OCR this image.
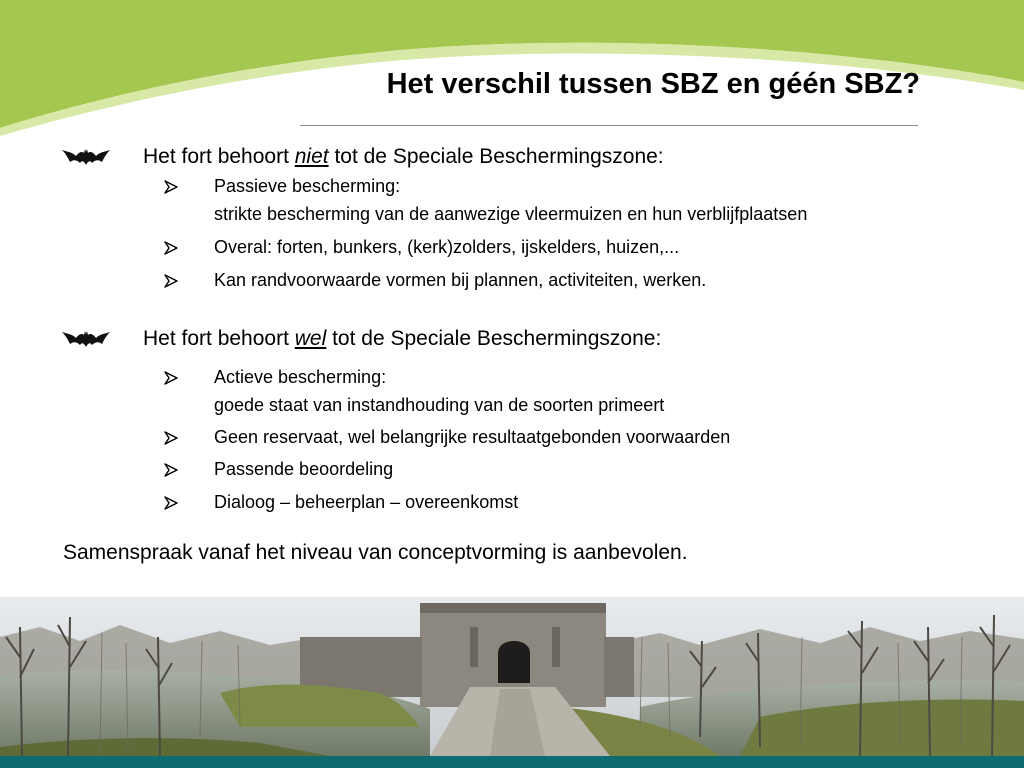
Het verschil tussen SBZ en géén SBZ?
Het fort behoort niet tot de Speciale Beschermingszone:
Passieve bescherming:
strikte bescherming van de aanwezige vleermuizen en hun verblijfplaatsen
Overal: forten, bunkers, (kerk)zolders, ijskelders, huizen,...
Kan randvoorwaarde vormen bij plannen, activiteiten, werken.
Het fort behoort wel tot de Speciale Beschermingszone:
Actieve bescherming:
goede staat van instandhouding van de soorten primeert
Geen reservaat, wel belangrijke resultaatgebonden voorwaarden
Passende beoordeling
Dialoog – beheerplan – overeenkomst
Samenspraak vanaf het niveau van conceptvorming is aanbevolen.
